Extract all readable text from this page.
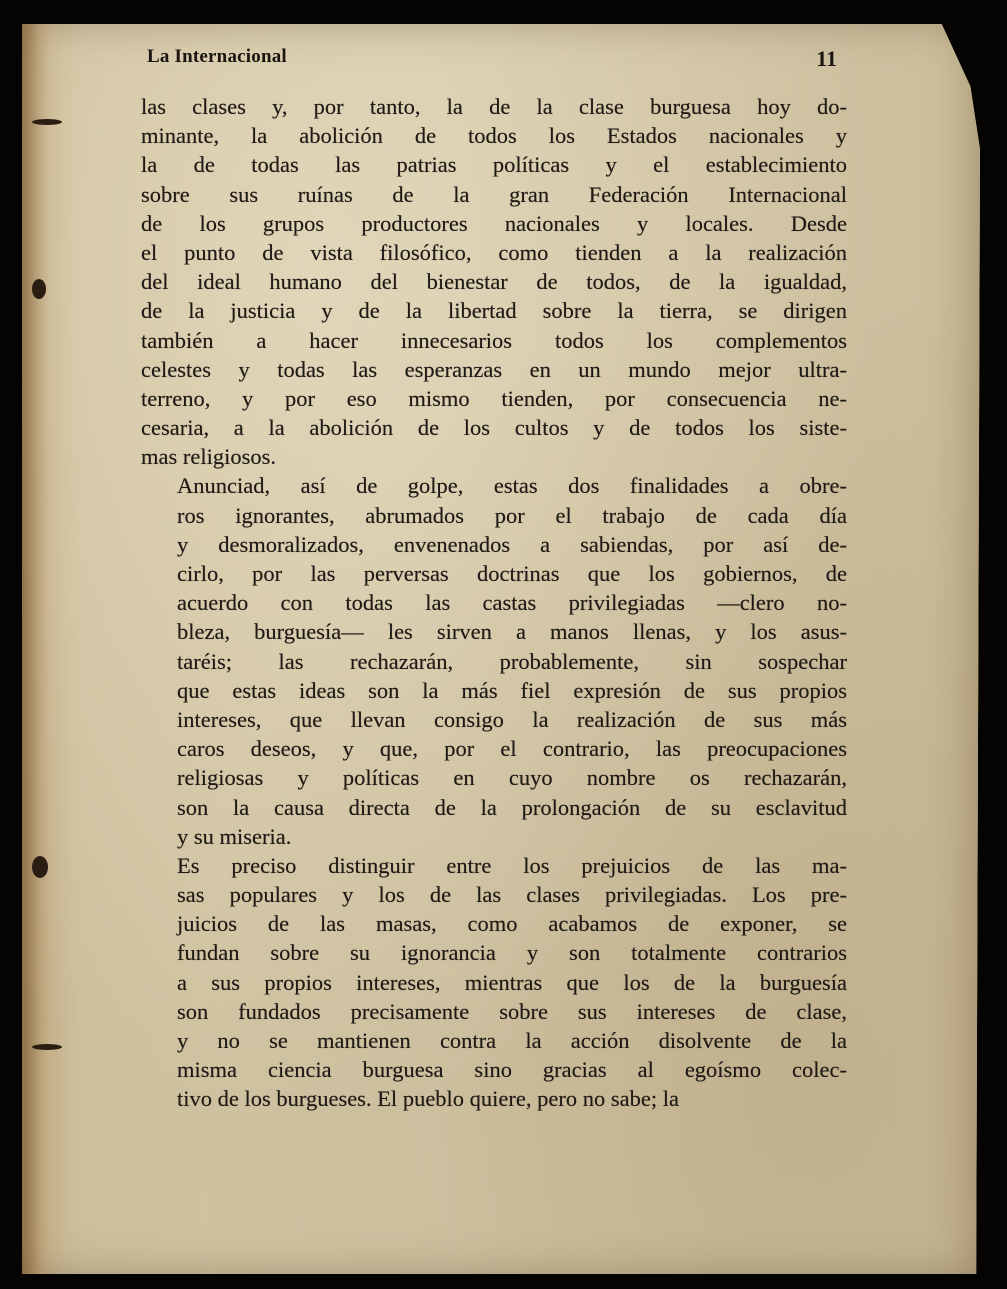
La Internacional	11

las clases y, por tanto, la de la clase burguesa hoy do-
minante, la abolición de todos los Estados nacionales y
la de todas las patrias políticas y el establecimiento
sobre sus ruínas de la gran Federación Internacional
de los grupos productores nacionales y locales. Desde
el punto de vista filosófico, como tienden a la realización
del ideal humano del bienestar de todos, de la igualdad,
de la justicia y de la libertad sobre la tierra, se dirigen
también a hacer innecesarios todos los complementos
celestes y todas las esperanzas en un mundo mejor ultra-
terreno, y por eso mismo tienden, por consecuencia ne-
cesaria, a la abolición de los cultos y de todos los siste-
mas religiosos.

Anunciad, así de golpe, estas dos finalidades a obre-
ros ignorantes, abrumados por el trabajo de cada día
y desmoralizados, envenenados a sabiendas, por así de-
cirlo, por las perversas doctrinas que los gobiernos, de
acuerdo con todas las castas privilegiadas —clero no-
bleza, burguesía— les sirven a manos llenas, y los asus-
taréis; las rechazarán, probablemente, sin sospechar
que estas ideas son la más fiel expresión de sus propios
intereses, que llevan consigo la realización de sus más
caros deseos, y que, por el contrario, las preocupaciones
religiosas y políticas en cuyo nombre os rechazarán,
son la causa directa de la prolongación de su esclavitud
y su miseria.

Es preciso distinguir entre los prejuicios de las ma-
sas populares y los de las clases privilegiadas. Los pre-
juicios de las masas, como acabamos de exponer, se
fundan sobre su ignorancia y son totalmente contrarios
a sus propios intereses, mientras que los de la burguesía
son fundados precisamente sobre sus intereses de clase,
y no se mantienen contra la acción disolvente de la
misma ciencia burguesa sino gracias al egoísmo colec-
tivo de los burgueses. El pueblo quiere, pero no sabe; la
